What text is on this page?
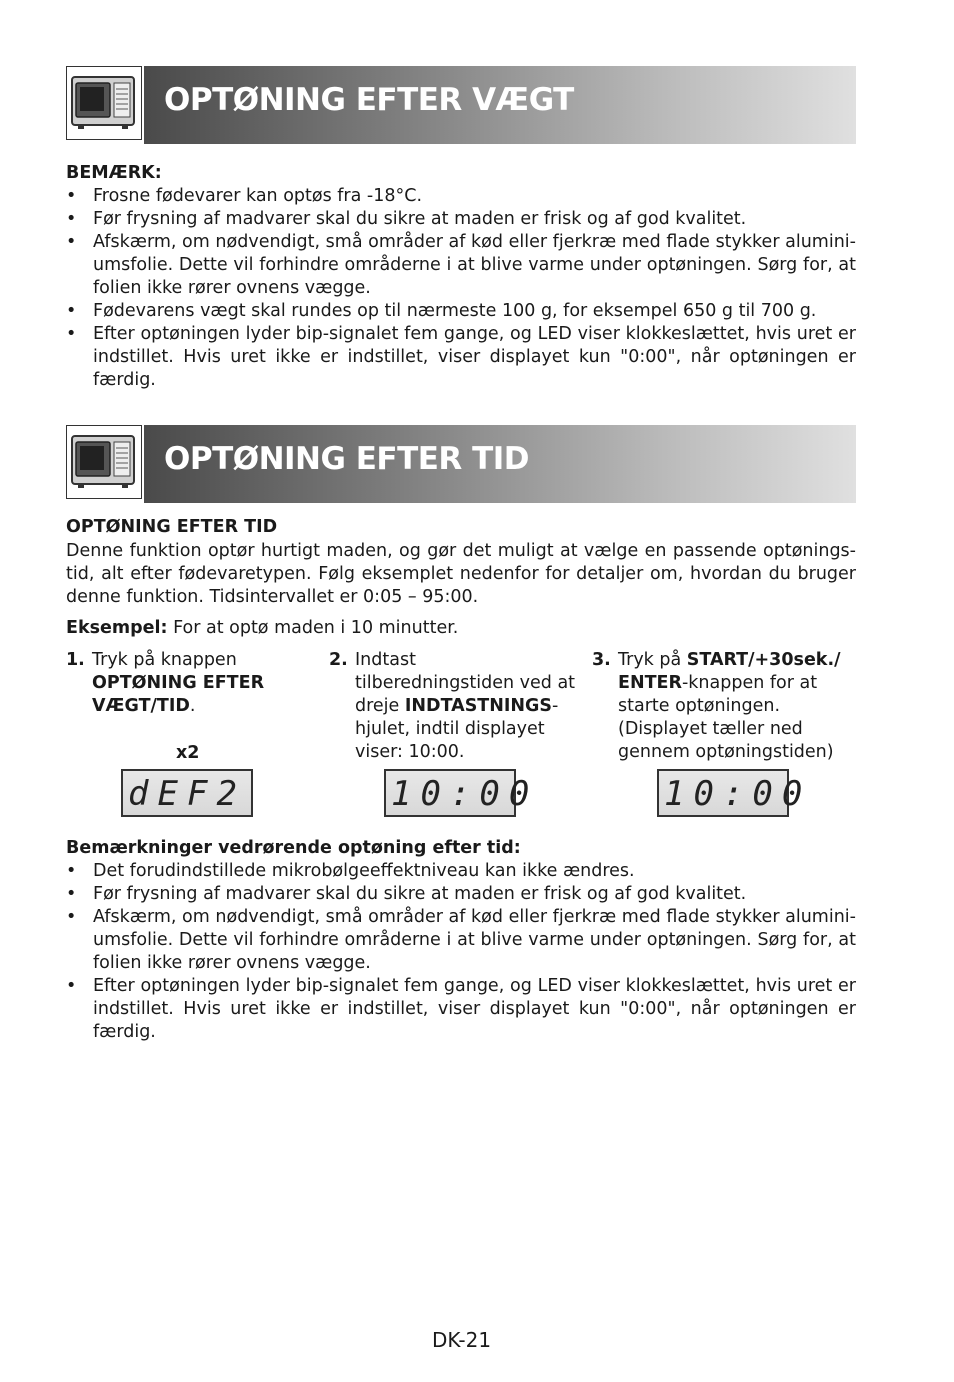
OPTØNING EFTER VÆGT
BEMÆRK:
• Frosne fødevarer kan optøs fra -18°C.
• Før frysning af madvarer skal du sikre at maden er frisk og af god kvalitet.
• Afskærm, om nødvendigt, små områder af kød eller fjerkræ med flade stykker aluminiumsfolie. Dette vil forhindre områderne i at blive varme under optøningen. Sørg for, at folien ikke rører ovnens vægge.
• Fødevarens vægt skal rundes op til nærmeste 100 g, for eksempel 650 g til 700 g.
• Efter optøningen lyder bip-signalet fem gange, og LED viser klokkeslættet, hvis uret er indstillet. Hvis uret ikke er indstillet, viser displayet kun "0:00", når optøningen er færdig.
OPTØNING EFTER TID
OPTØNING EFTER TID
Denne funktion optør hurtigt maden, og gør det muligt at vælge en passende optøningstid, alt efter fødevaretypen. Følg eksemplet nedenfor for detaljer om, hvordan du bruger denne funktion. Tidsintervallet er 0:05 – 95:00.
Eksempel: For at optø maden i 10 minutter.
1. Tryk på knappen OPTØNING EFTER VÆGT/TID.
x2
dEF2
2. Indtast tilberedningstiden ved at dreje INDTASTNINGS-hjulet, indtil displayet viser: 10:00.
10:00
3. Tryk på START/+30sek./ ENTER-knappen for at starte optøningen. (Displayet tæller ned gennem optøningstiden)
10:00
Bemærkninger vedrørende optøning efter tid:
• Det forudindstillede mikrobølgeeffektniveau kan ikke ændres.
• Før frysning af madvarer skal du sikre at maden er frisk og af god kvalitet.
• Afskærm, om nødvendigt, små områder af kød eller fjerkræ med flade stykker aluminiumsfolie. Dette vil forhindre områderne i at blive varme under optøningen. Sørg for, at folien ikke rører ovnens vægge.
• Efter optøningen lyder bip-signalet fem gange, og LED viser klokkeslættet, hvis uret er indstillet. Hvis uret ikke er indstillet, viser displayet kun "0:00", når optøningen er færdig.
DK-21
